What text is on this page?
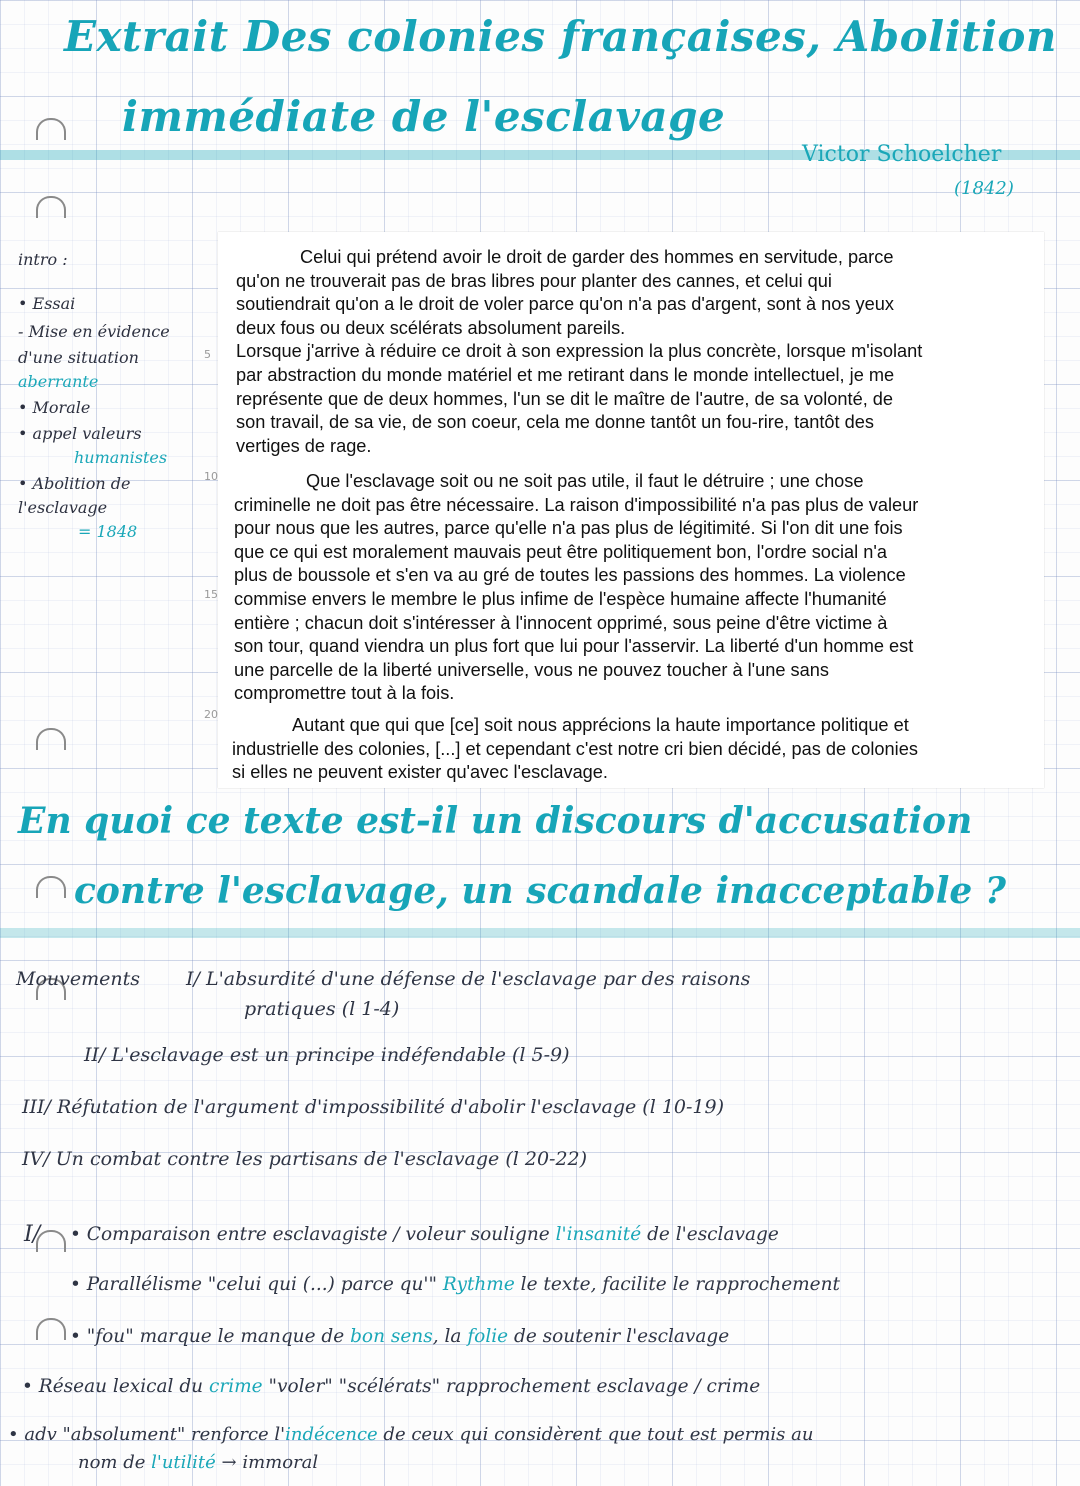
Extrait Des colonies françaises, Abolition
immédiate de l'esclavage
Victor Schoelcher
(1842)
intro :
• Essai
- Mise en évidence
d'une situation
aberrante
• Morale
• appel valeurs
humanistes
• Abolition de
l'esclavage
= 1848
5
10
15
20

Celui qui prétend avoir le droit de garder des hommes en servitude, parce

qu'on ne trouverait pas de bras libres pour planter des cannes, et celui qui

soutiendrait qu'on a le droit de voler parce qu'on n'a pas d'argent, sont à nos yeux

deux fous ou deux scélérats absolument pareils.

Lorsque j'arrive à réduire ce droit à son expression la plus concrète, lorsque m'isolant

par abstraction du monde matériel et me retirant dans le monde intellectuel, je me

représente que de deux hommes, l'un se dit le maître de l'autre, de sa volonté, de

son travail, de sa vie, de son coeur, cela me donne tantôt un fou-rire, tantôt des

vertiges de rage.

Que l'esclavage soit ou ne soit pas utile, il faut le détruire ; une chose

criminelle ne doit pas être nécessaire. La raison d'impossibilité n'a pas plus de valeur

pour nous que les autres, parce qu'elle n'a pas plus de légitimité. Si l'on dit une fois

que ce qui est moralement mauvais peut être politiquement bon, l'ordre social n'a

plus de boussole et s'en va au gré de toutes les passions des hommes. La violence

commise envers le membre le plus infime de l'espèce humaine affecte l'humanité

entière ; chacun doit s'intéresser à l'innocent opprimé, sous peine d'être victime à

son tour, quand viendra un plus fort que lui pour l'asservir. La liberté d'un homme est

une parcelle de la liberté universelle, vous ne pouvez toucher à l'une sans

compromettre tout à la fois.

Autant que qui que [ce] soit nous apprécions la haute importance politique et

industrielle des colonies, [...] et cependant c'est notre cri bien décidé, pas de colonies

si elles ne peuvent exister qu'avec l'esclavage.

En quoi ce texte est-il un discours d'accusation
contre l'esclavage, un scandale inacceptable ?
Mouvements I/ L'absurdité d'une défense de l'esclavage par des raisons
pratiques (l 1-4)
II/ L'esclavage est un principe indéfendable (l 5-9)
III/ Réfutation de l'argument d'impossibilité d'abolir l'esclavage (l 10-19)
IV/ Un combat contre les partisans de l'esclavage (l 20-22)
I/ • Comparaison entre esclavagiste / voleur souligne l'insanité de l'esclavage
• Parallélisme "celui qui (...) parce qu'" Rythme le texte, facilite le rapprochement
• "fou" marque le manque de bon sens, la folie de soutenir l'esclavage
• Réseau lexical du crime "voler" "scélérats" rapprochement esclavage / crime
• adv "absolument" renforce l'indécence de ceux qui considèrent que tout est permis au
nom de l'utilité → immoral
